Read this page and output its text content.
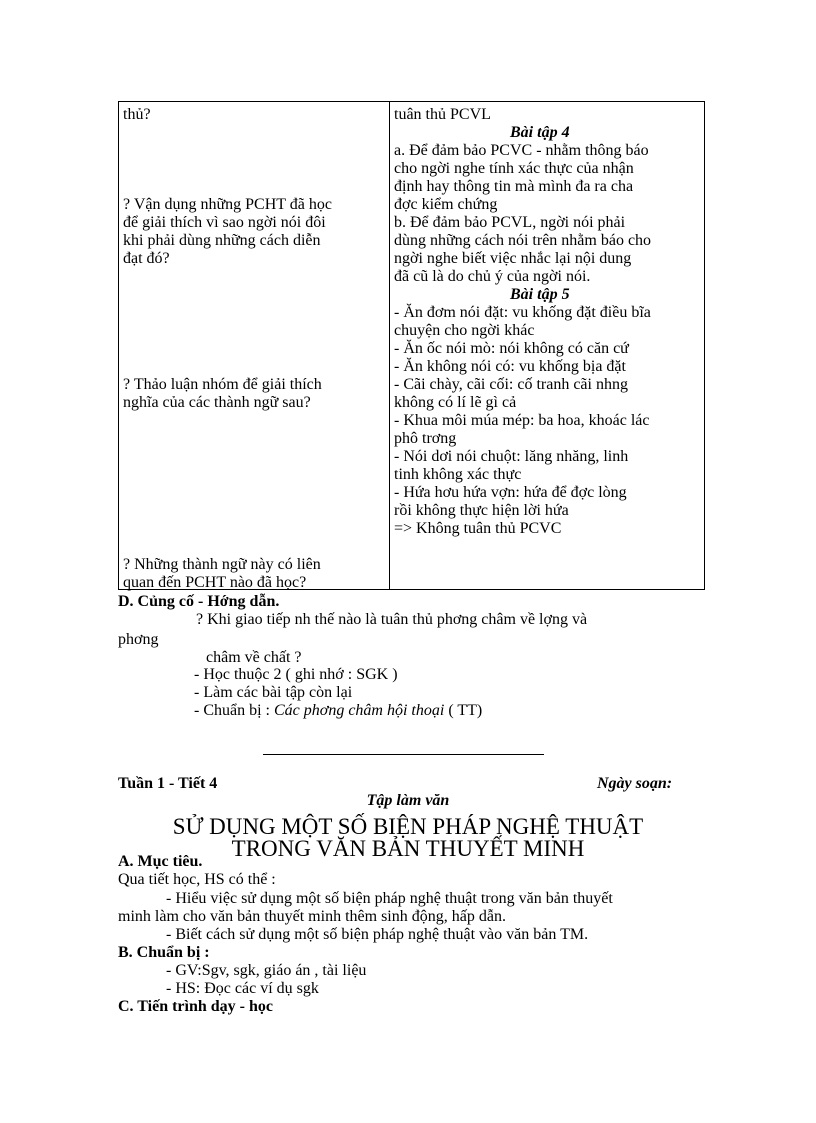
thủ?
? Vận dụng những PCHT đã học
để giải thích vì sao ngời nói đôi
khi phải dùng những cách diễn
đạt đó?
? Thảo luận nhóm để giải thích
nghĩa của các thành ngữ sau?
? Những thành ngữ này có liên
quan đến PCHT nào đã học?

tuân thủ PCVL
Bài tập 4
a. Để đảm bảo PCVC - nhằm thông báo
cho ngời nghe tính xác thực của nhận
định hay thông tin mà mình đa ra cha
đợc kiểm chứng
b. Để đảm bảo PCVL, ngời nói phải
dùng những cách nói trên nhằm báo cho
ngời nghe biết việc nhắc lại nội dung
đã cũ là do chủ ý của ngời nói.
Bài tập 5
- Ăn đơm nói đặt: vu khống đặt điều bĩa
chuyện cho ngời khác
- Ăn ốc nói mò: nói không có căn cứ
- Ăn không nói có: vu khống bịa đặt
- Cãi chày, cãi cối: cố tranh cãi nhng
không có lí lẽ gì cả
- Khua môi múa mép: ba hoa, khoác lác
phô trơng
- Nói dơi nói chuột: lăng nhăng, linh
tinh không xác thực
- Hứa hơu hứa vợn: hứa để đợc lòng
rồi không thực hiện lời hứa
=> Không tuân thủ PCVC
D. Củng cố - Hớng dẫn.
? Khi giao tiếp nh thế nào là tuân thủ phơng châm về lợng và
phơng
châm về chất ?
- Học thuộc 2 ( ghi nhớ : SGK )
- Làm các bài tập còn lại
- Chuẩn bị : Các phơng châm hội thoại ( TT)
Tuần 1 - Tiết 4	Ngày soạn:
Tập làm văn
SỬ DỤNG MỘT SỐ BIỆN PHÁP NGHỆ THUẬT
TRONG VĂN BẢN THUYẾT MINH
A. Mục tiêu.
Qua tiết học, HS có thể :
- Hiểu việc sử dụng một số biện pháp nghệ thuật trong văn bản thuyết
minh làm cho văn bản thuyết minh thêm sinh động, hấp dẫn.
- Biết cách sử dụng một số biện pháp nghệ thuật vào văn bản TM.
B. Chuẩn bị :
- GV:Sgv, sgk, giáo án , tài liệu
- HS: Đọc các ví dụ sgk
C. Tiến trình dạy - học
